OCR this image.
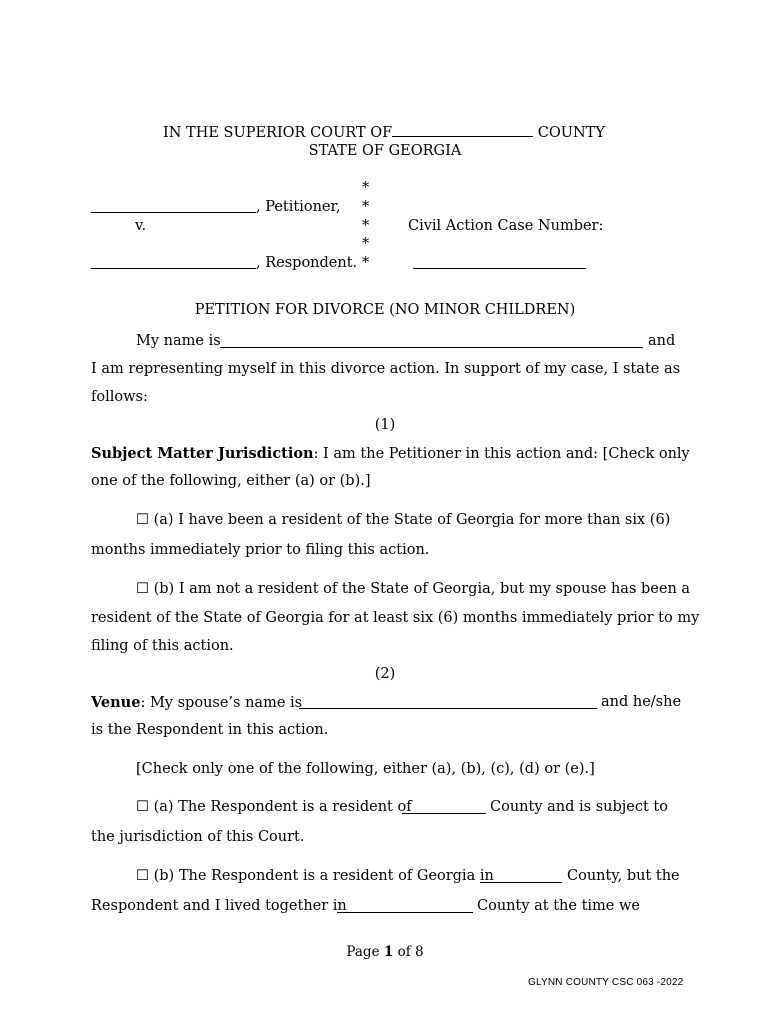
IN THE SUPERIOR COURT OF	COUNTY
STATE OF GEORGIA
*
*
*
*
*
, Petitioner,
v.
, Respondent.
Civil Action Case Number:
PETITION FOR DIVORCE (NO MINOR CHILDREN)
My name is	and
I am representing myself in this divorce action. In support of my case, I state as
follows:
(1)
Subject Matter Jurisdiction: I am the Petitioner in this action and: [Check only
one of the following, either (a) or (b).]
☐ (a) I have been a resident of the State of Georgia for more than six (6)
months immediately prior to filing this action.
☐ (b) I am not a resident of the State of Georgia, but my spouse has been a
resident of the State of Georgia for at least six (6) months immediately prior to my
filing of this action.
(2)
Venue: My spouse’s name is	and he/she
is the Respondent in this action.
[Check only one of the following, either (a), (b), (c), (d) or (e).]
☐ (a) The Respondent is a resident of	County and is subject to
the jurisdiction of this Court.
☐ (b) The Respondent is a resident of Georgia in	County, but the
Respondent and I lived together in	County at the time we
Page 1 of 8
GLYNN COUNTY CSC 063 -2022
